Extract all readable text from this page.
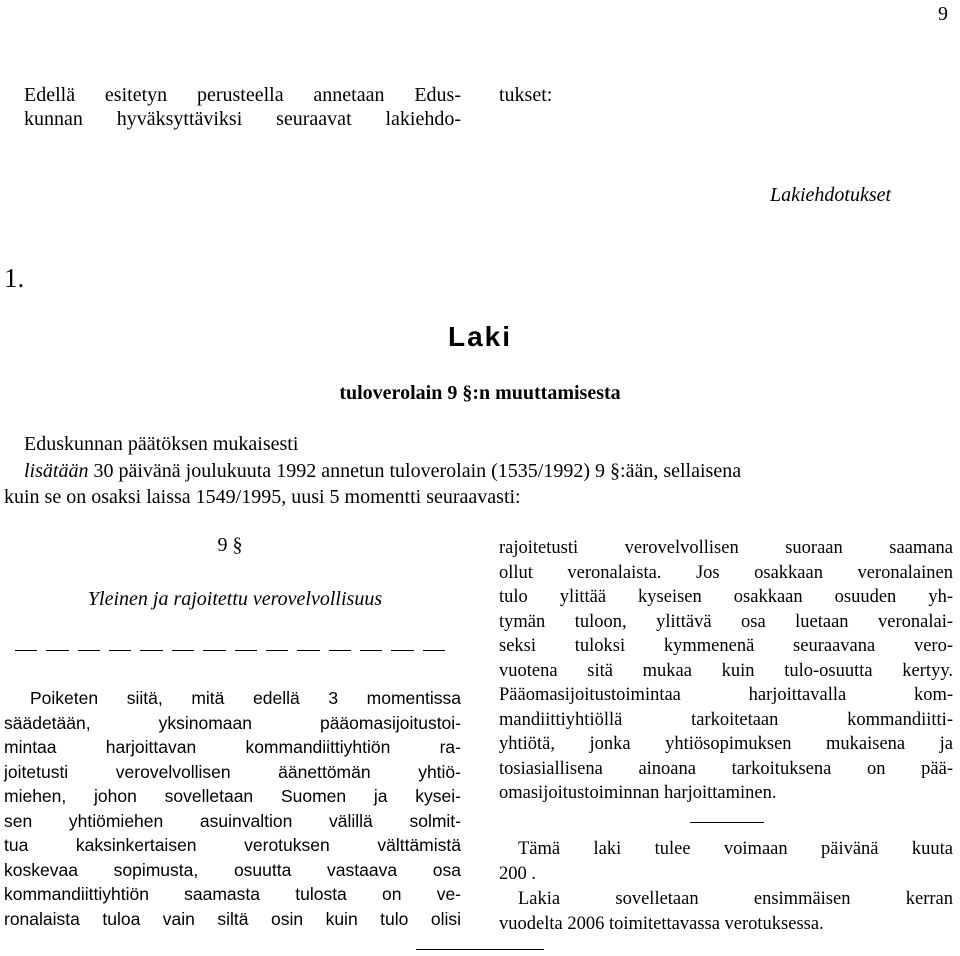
9

Edellä esitetyn perusteella annetaan Edus-

kunnan hyväksyttäviksi seuraavat lakiehdo-

tukset:
Lakiehdotukset
1.
Laki
tuloverolain 9 §:n muuttamisesta
Eduskunnan päätöksen mukaisesti
lisätään 30 päivänä joulukuuta 1992 annetun tuloverolain (1535/1992) 9 §:ään, sellaisena
kuin se on osaksi laissa 1549/1995, uusi 5 momentti seuraavasti:
9 §
Yleinen ja rajoitettu verovelvollisuus

Poiketen siitä, mitä edellä 3 momentissa

säädetään, yksinomaan pääomasijoitustoi-

mintaa harjoittavan kommandiittiyhtiön ra-

joitetusti verovelvollisen äänettömän yhtiö-

miehen, johon sovelletaan Suomen ja kysei-

sen yhtiömiehen asuinvaltion välillä solmit-

tua kaksinkertaisen verotuksen välttämistä

koskevaa sopimusta, osuutta vastaava osa

kommandiittiyhtiön saamasta tulosta on ve-

ronalaista tuloa vain siltä osin kuin tulo olisi

rajoitetusti verovelvollisen suoraan saamana

ollut veronalaista. Jos osakkaan veronalainen

tulo ylittää kyseisen osakkaan osuuden yh-

tymän tuloon, ylittävä osa luetaan veronalai-

seksi tuloksi kymmenenä seuraavana vero-

vuotena sitä mukaa kuin tulo-osuutta kertyy.

Pääomasijoitustoimintaa harjoittavalla kom-

mandiittiyhtiöllä tarkoitetaan kommandiitti-

yhtiötä, jonka yhtiösopimuksen mukaisena ja

tosiasiallisena ainoana tarkoituksena on pää-

omasijoitustoiminnan harjoittaminen.

Tämä laki tulee voimaan päivänä kuuta

200 .

Lakia sovelletaan ensimmäisen kerran

vuodelta 2006 toimitettavassa verotuksessa.
